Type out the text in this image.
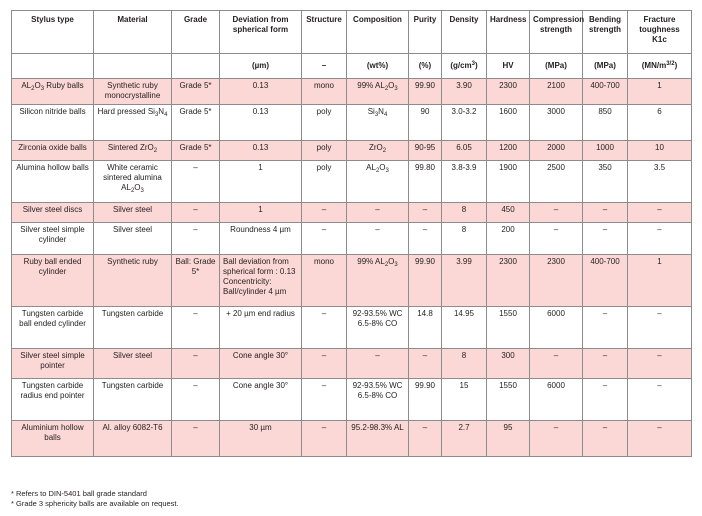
Stylus type	Material	Grade	Deviation from spherical form	Structure	Composition	Purity	Density	Hardness	Compression strength	Bending strength	Fracture toughness K1c
			(µm)	–	(wt%)	(%)	$(g/cm^3)$	HV	(MPa)	(MPa)	$(MN/m^{3/2})$
$AL_2O_3$ Ruby balls	Synthetic ruby monocrystalline	Grade 5*	0.13	mono	99% $AL_2O_3$	99.90	3.90	2300	2100	400-700	1
Silicon nitride balls	Hard pressed $Si_3N_4$	Grade 5*	0.13	poly	$Si_3N_4$	90	3.0-3.2	1600	3000	850	6
Zirconia oxide balls	Sintered ZrO$_2$	Grade 5*	0.13	poly	ZrO$_2$	90-95	6.05	1200	2000	1000	10
Alumina hollow balls	White ceramic sintered alumina $AL_2O_3$	–	1	poly	$AL_2O_3$	99.80	3.8-3.9	1900	2500	350	3.5
Silver steel discs	Silver steel	–	1	–	–	–	8	450	–	–	–
Silver steel simple cylinder	Silver steel	–	Roundness 4 µm	–	–	–	8	200	–	–	–
Ruby ball ended cylinder	Synthetic ruby	Ball: Grade 5*	Ball deviation from spherical form : 0.13 Concentricity: Ball/cylinder 4 µm	mono	99% $AL_2O_3$	99.90	3.99	2300	2300	400-700	1
Tungsten carbide ball ended cylinder	Tungsten carbide	–	+ 20 µm end radius	–	92-93.5% WC 6.5-8% CO	14.8	14.95	1550	6000	–	–
Silver steel simple pointer	Silver steel	–	Cone angle 30°	–	–	–	8	300	–	–	–
Tungsten carbide radius end pointer	Tungsten carbide	–	Cone angle 30°	–	92-93.5% WC 6.5-8% CO	99.90	15	1550	6000	–	–
Aluminium hollow balls	Al. alloy 6082-T6	–	30 µm	–	95.2-98.3% AL	–	2.7	95	–	–	–
* Refers to DIN-5401 ball grade standard
* Grade 3 sphericity balls are available on request.
